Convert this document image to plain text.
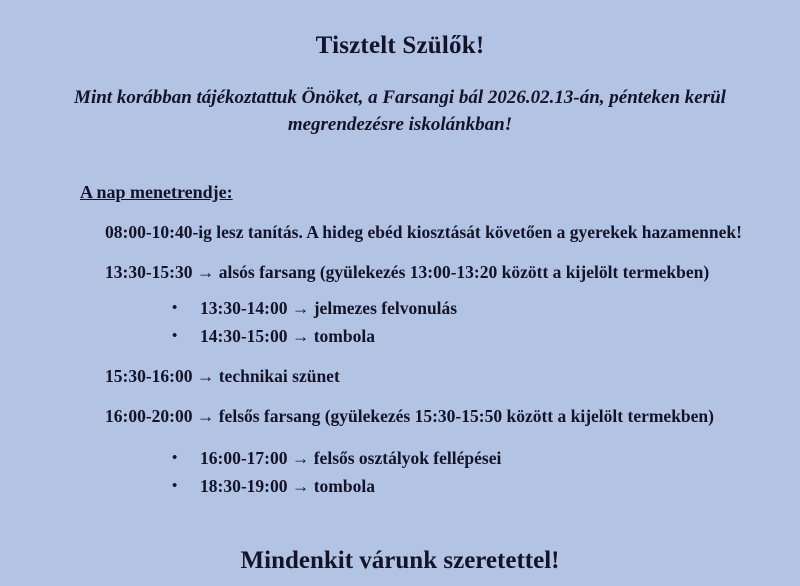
Tisztelt Szülők!
Mint korábban tájékoztattuk Önöket, a Farsangi bál 2026.02.13-án, pénteken kerül megrendezésre iskolánkban!
A nap menetrendje:
08:00-10:40-ig lesz tanítás. A hideg ebéd kiosztását követően a gyerekek hazamennek!
13:30-15:30 → alsós farsang (gyülekezés 13:00-13:20 között a kijelölt termekben)
•	13:30-14:00 → jelmezes felvonulás
•	14:30-15:00 → tombola
15:30-16:00 → technikai szünet
16:00-20:00 → felsős farsang (gyülekezés 15:30-15:50 között a kijelölt termekben)
•	16:00-17:00 → felsős osztályok fellépései
•	18:30-19:00 → tombola
Mindenkit várunk szeretettel!
